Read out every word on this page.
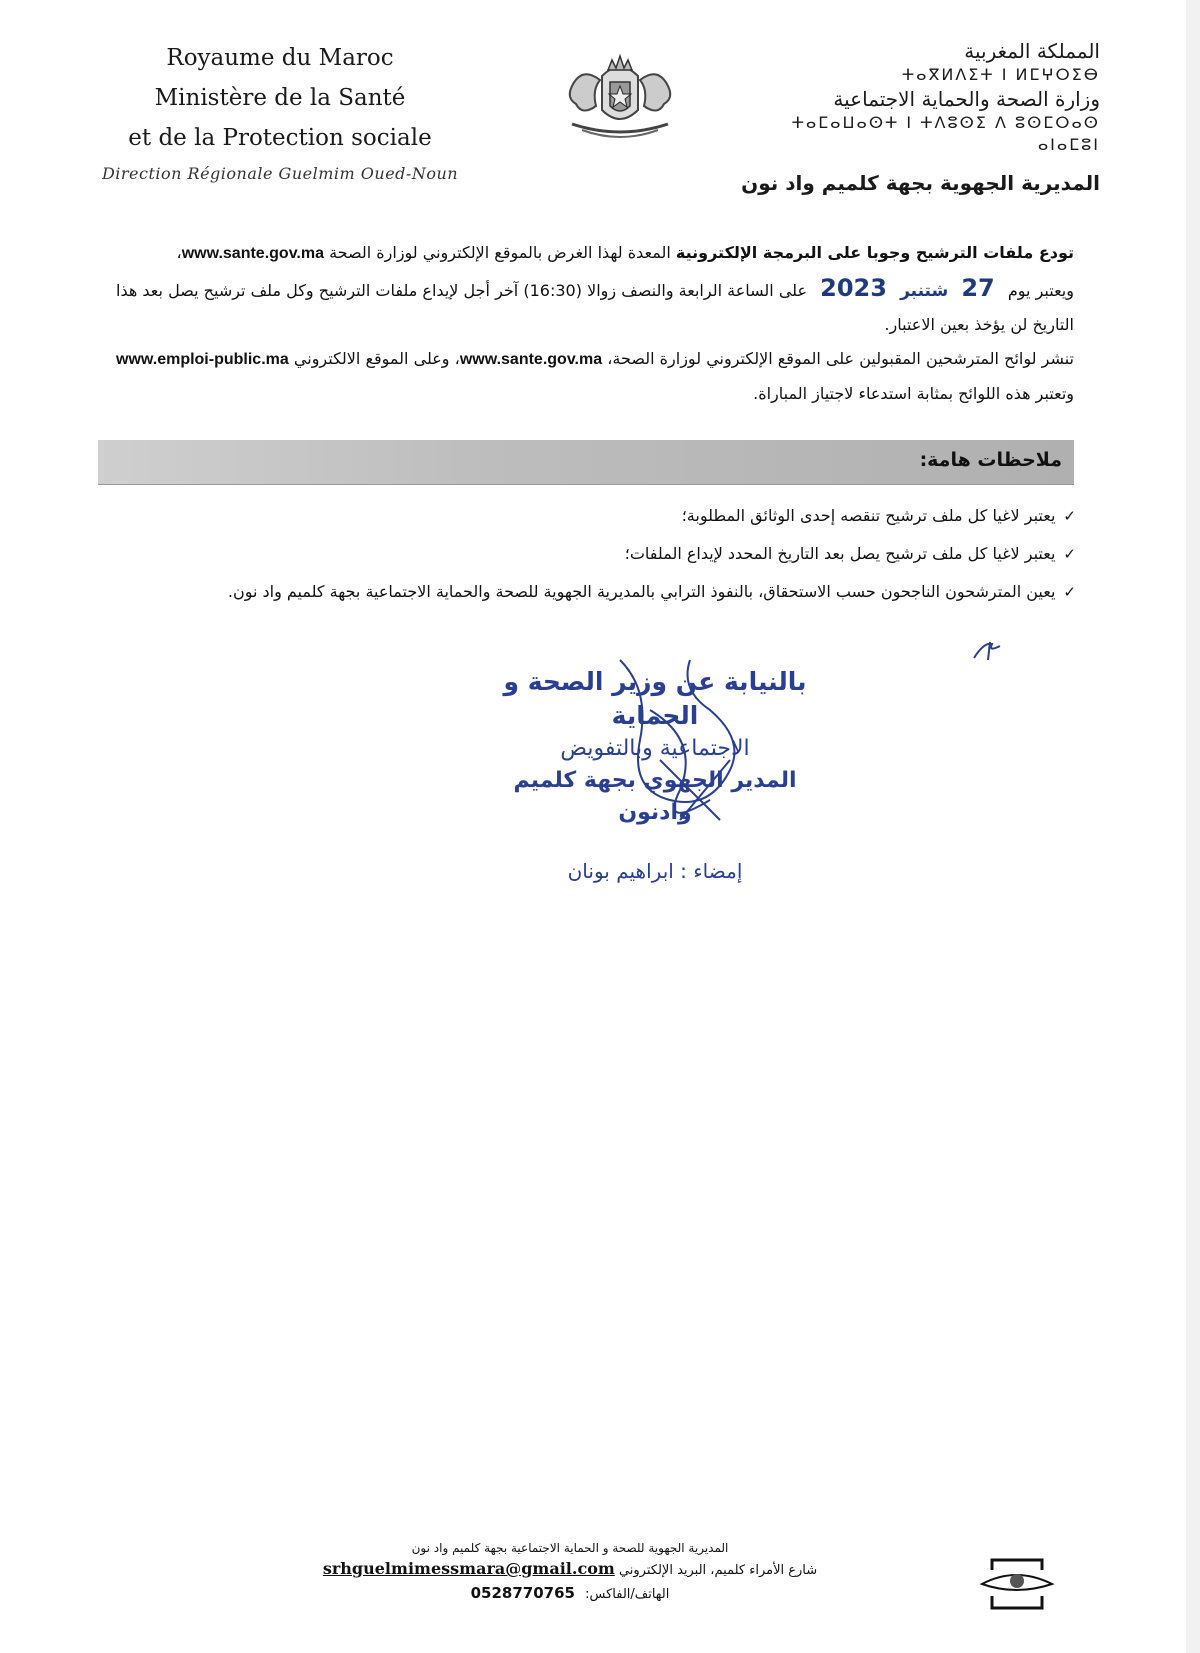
Royaume du Maroc
Ministère de la Santé
et de la Protection sociale
Direction Régionale Guelmim Oued-Noun
المملكة المغربية
ⵜⴰⴳⵍⴷⵉⵜ ⵏ ⵍⵎⵖⵔⵉⴱ
وزارة الصحة والحماية الاجتماعية
ⵜⴰⵎⴰⵡⴰⵙⵜ ⵏ ⵜⴷⵓⵙⵉ ⴷ ⵓⵙⵎⵔⴰⵙ ⴰⵏⴰⵎⵓⵏ
المديرية الجهوية بجهة كلميم واد نون

تودع ملفات الترشيح وجوبا على البرمجة الإلكترونية المعدة لهذا الغرض بالموقع الإلكتروني لوزارة الصحة www.sante.gov.ma،

ويعتبر يوم 27 شتنبر 2023 على الساعة الرابعة والنصف زوالا (16:30) آخر أجل لإيداع ملفات الترشيح وكل ملف ترشيح يصل بعد هذا التاريخ لن يؤخذ بعين الاعتبار.

تنشر لوائح المترشحين المقبولين على الموقع الإلكتروني لوزارة الصحة، www.sante.gov.ma، وعلى الموقع الالكتروني www.emploi-public.ma وتعتبر هذه اللوائح بمثابة استدعاء لاجتياز المباراة.

ملاحظات هامة:
✓يعتبر لاغيا كل ملف ترشيح تنقصه إحدى الوثائق المطلوبة؛
✓يعتبر لاغيا كل ملف ترشيح يصل بعد التاريخ المحدد لإيداع الملفات؛
✓يعين المترشحون الناجحون حسب الاستحقاق، بالنفوذ الترابي بالمديرية الجهوية للصحة والحماية الاجتماعية بجهة كلميم واد نون.
بالنيابة عن وزير الصحة و الحماية
الاجتماعية وبالتفويض
المدير الجهوي بجهة كلميم وادنون
إمضاء : ابراهيم بونان
المديرية الجهوية للصحة و الحماية الاجتماعية بجهة كلميم واد نون
شارع الأمراء كلميم، البريد الإلكتروني srhguelmimessmara@gmail.com
الهاتف/الفاكس: 0528770765
